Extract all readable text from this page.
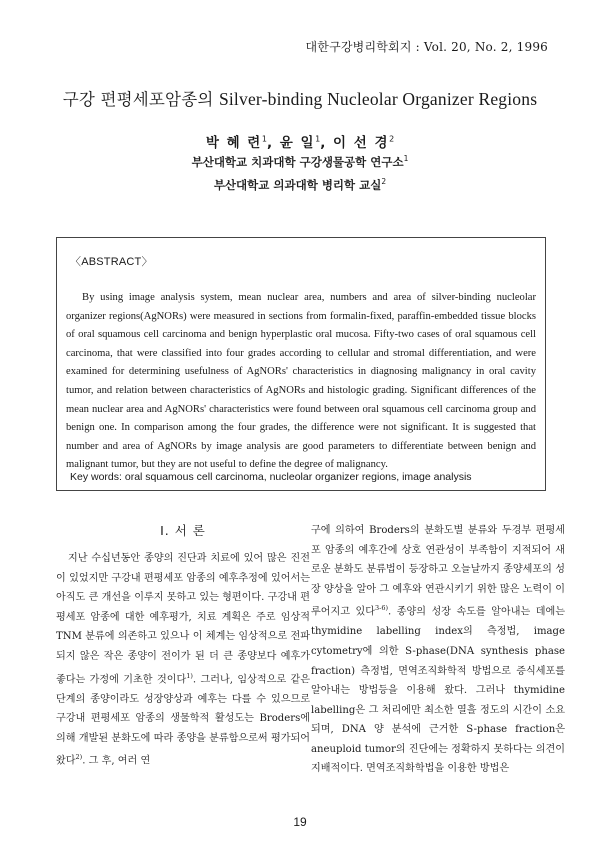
대한구강병리학회지 : Vol. 20, No. 2, 1996
구강 편평세포암종의 Silver-binding Nucleolar Organizer Regions
박 혜 련$^1$, 윤 일$^1$, 이 선 경$^2$
부산대학교 치과대학 구강생물공학 연구소$^1$
부산대학교 의과대학 병리학 교실$^2$
〈ABSTRACT〉

By using image analysis system, mean nuclear area, numbers and area of silver-binding nucleolar organizer regions(AgNORs) were measured in sections from formalin-fixed, paraffin-embedded tissue blocks of oral squamous cell carcinoma and benign hyperplastic oral mucosa. Fifty-two cases of oral squamous cell carcinoma, that were classified into four grades according to cellular and stromal differentiation, and were examined for determining usefulness of AgNORs' characteristics in diagnosing malignancy in oral cavity tumor, and relation between characteristics of AgNORs and histologic grading. Significant differences of the mean nuclear area and AgNORs' characteristics were found between oral squamous cell carcinoma group and benign one. In comparison among the four grades, the difference were not significant. It is suggested that number and area of AgNORs by image analysis are good parameters to differentiate between benign and malignant tumor, but they are not useful to define the degree of malignancy.

Key words: oral squamous cell carcinoma, nucleolar organizer regions, image analysis
I. 서 론

지난 수십년동안 종양의 진단과 치료에 있어 많은 진전이 있었지만 구강내 편평세포 암종의 예후추정에 있어서는 아직도 큰 개선을 이루지 못하고 있는 형편이다. 구강내 편평세포 암종에 대한 예후평가, 치료 계획은 주로 임상적 TNM 분류에 의존하고 있으나 이 체계는 임상적으로 전파되지 않은 작은 종양이 전이가 된 더 큰 종양보다 예후가 좋다는 가정에 기초한 것이다$^{1)}$. 그러나, 임상적으로 같은 단계의 종양이라도 성장양상과 예후는 다를 수 있으므로 구강내 편평세포 암종의 생물학적 활성도는 Broders에 의해 개발된 분화도에 따라 종양을 분류함으로써 평가되어 왔다$^{2)}$. 그 후, 여러 연

구에 의하여 Broders의 분화도별 분류와 두경부 편평세포 암종의 예후간에 상호 연관성이 부족함이 지적되어 새로운 분화도 분류법이 등장하고 오늘날까지 종양세포의 성장 양상을 알아 그 예후와 연관시키기 위한 많은 노력이 이루어지고 있다$^{3-6)}$. 종양의 성장 속도를 알아내는 데에는 thymidine labelling index의 측정법, image cytometry에 의한 S-phase(DNA synthesis phase fraction) 측정법, 면역조직화학적 방법으로 증식세포를 알아내는 방법등을 이용해 왔다. 그러나 thymidine labelling은 그 처리에만 최소한 열흘 정도의 시간이 소요되며, DNA 양 분석에 근거한 S-phase fraction은 aneuploid tumor의 진단에는 정확하지 못하다는 의견이 지배적이다. 면역조직화학법을 이용한 방법은

19
